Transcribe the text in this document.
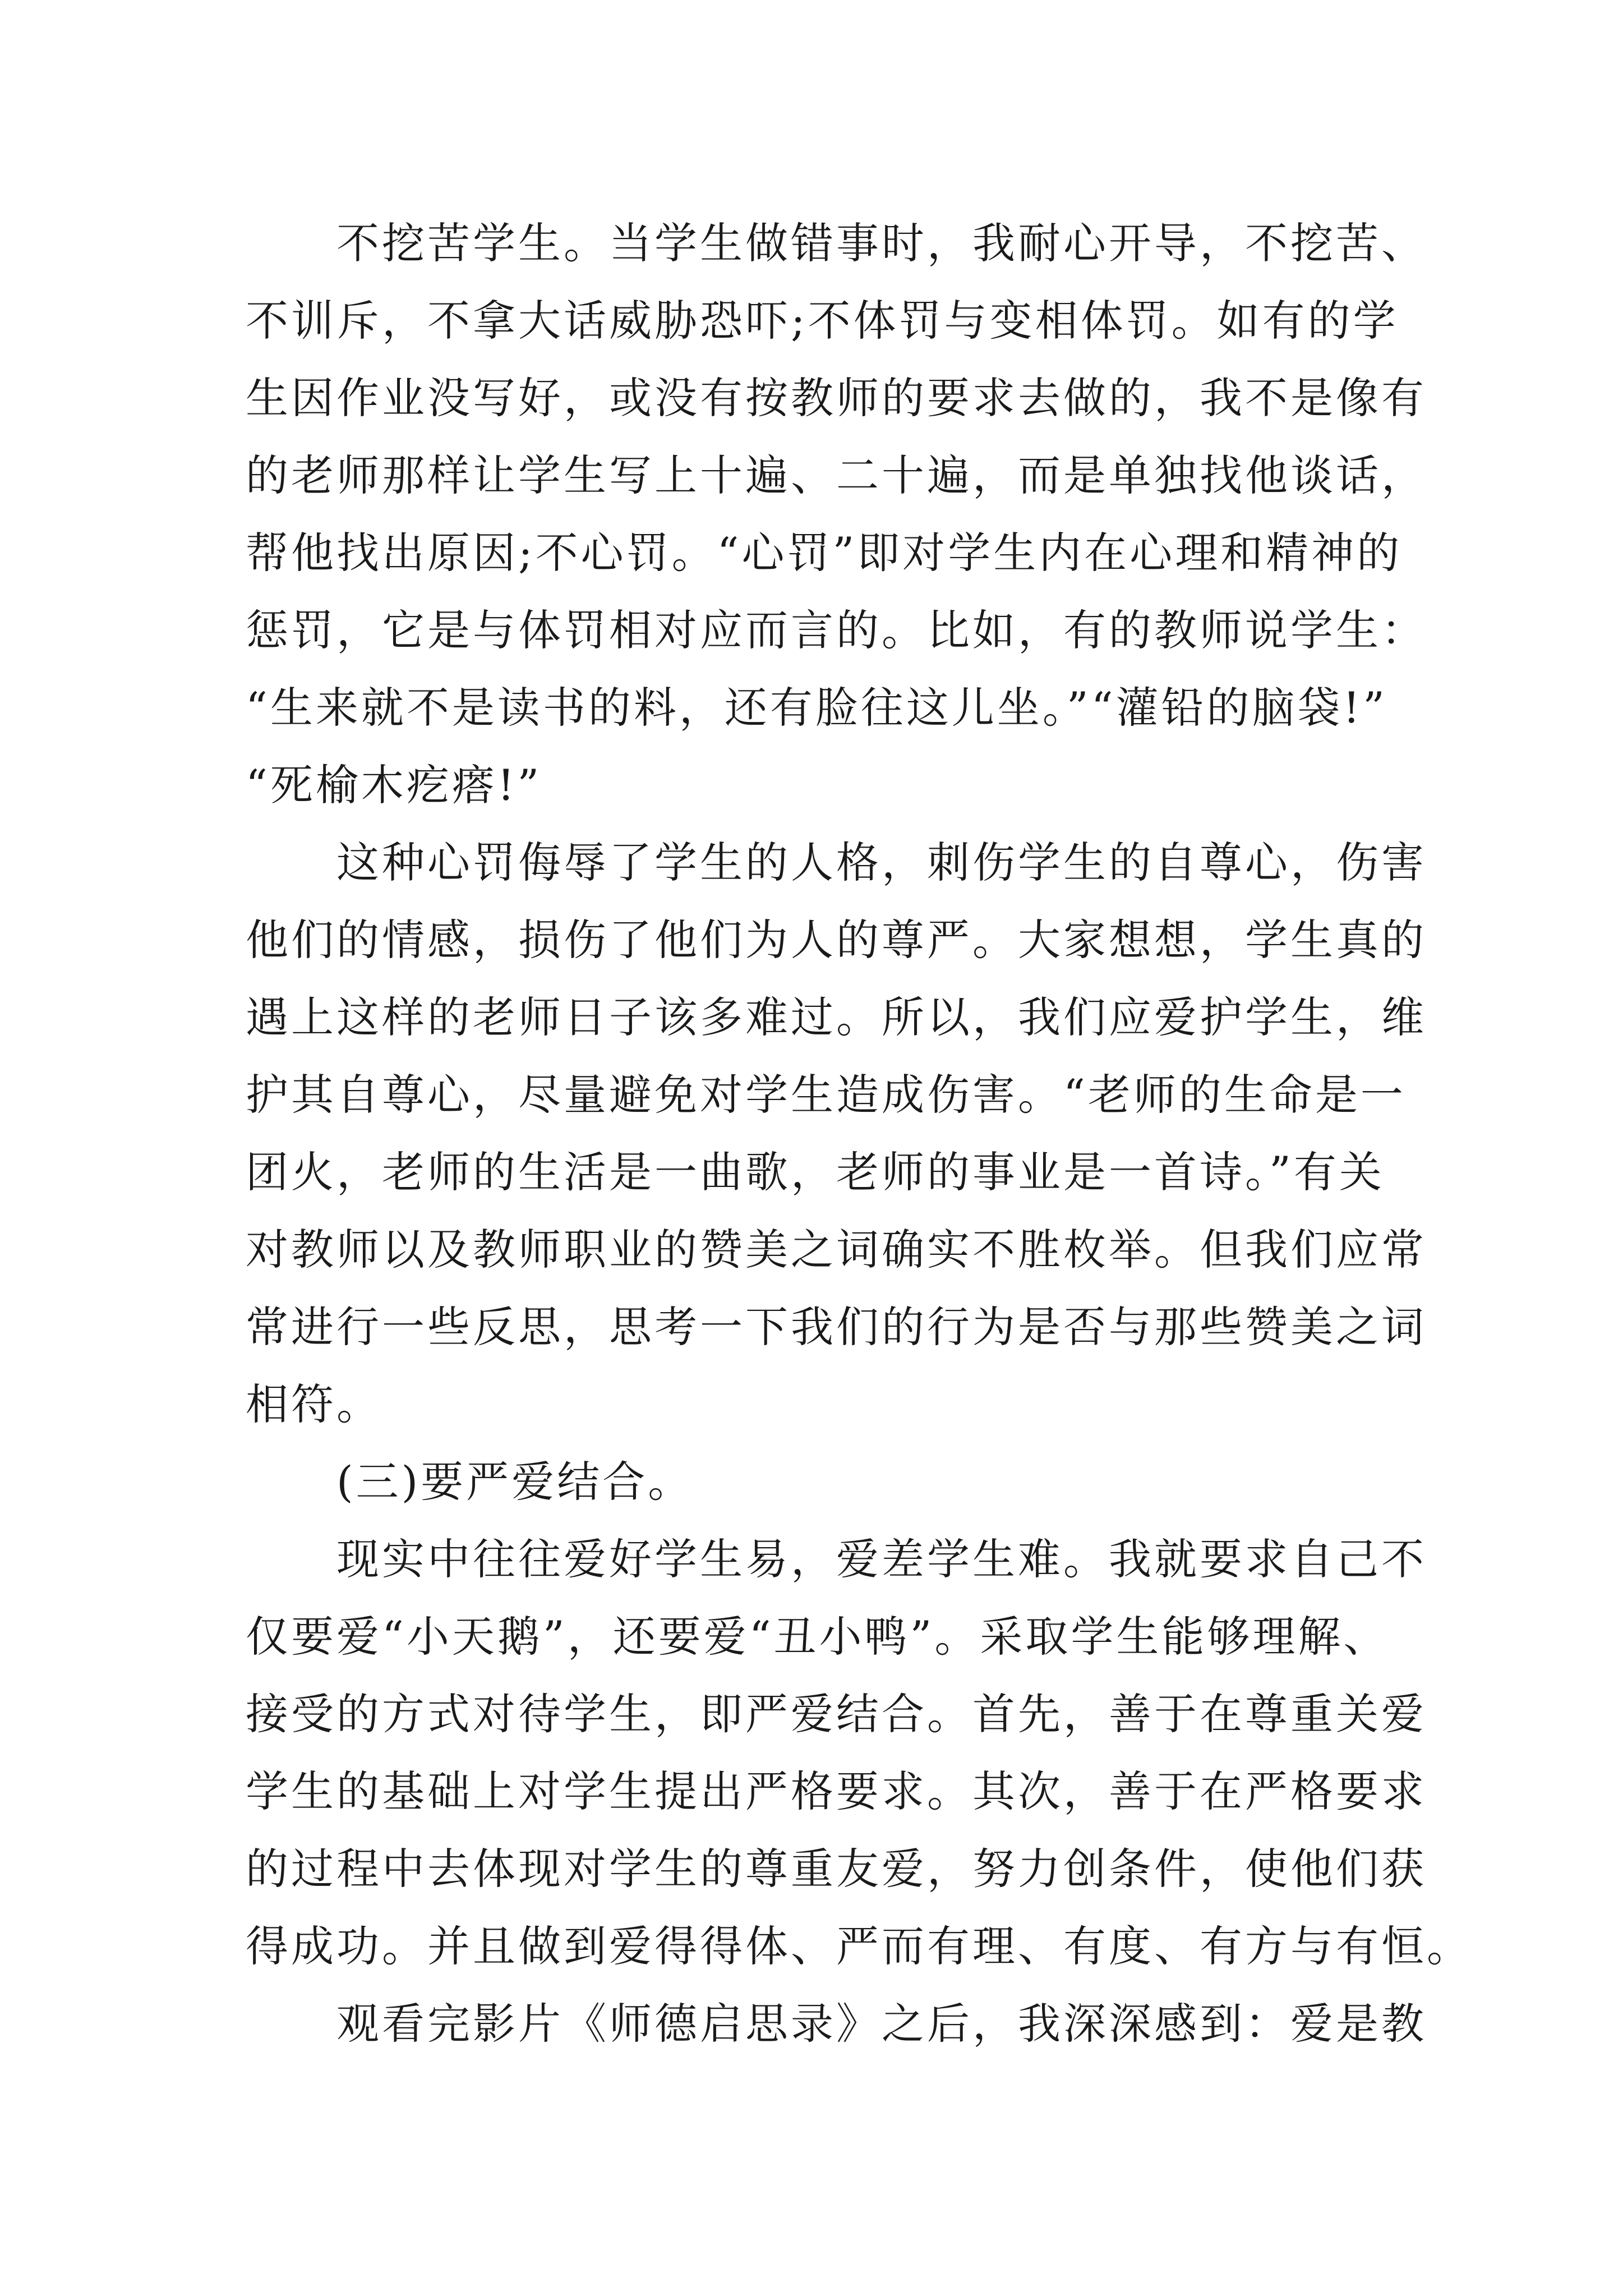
　　不挖苦学生。当学生做错事时，我耐心开导，不挖苦、
不训斥，不拿大话威胁恐吓;不体罚与变相体罚。如有的学
生因作业没写好，或没有按教师的要求去做的，我不是像有
的老师那样让学生写上十遍、二十遍，而是单独找他谈话，
帮他找出原因;不心罚。“心罚”即对学生内在心理和精神的
惩罚，它是与体罚相对应而言的。比如，有的教师说学生：
“生来就不是读书的料，还有脸往这儿坐。”“灌铅的脑袋!”
“死榆木疙瘩!”
　　这种心罚侮辱了学生的人格，刺伤学生的自尊心，伤害
他们的情感，损伤了他们为人的尊严。大家想想，学生真的
遇上这样的老师日子该多难过。所以，我们应爱护学生，维
护其自尊心，尽量避免对学生造成伤害。“老师的生命是一
团火，老师的生活是一曲歌，老师的事业是一首诗。”有关
对教师以及教师职业的赞美之词确实不胜枚举。但我们应常
常进行一些反思，思考一下我们的行为是否与那些赞美之词
相符。
　　(三)要严爱结合。
　　现实中往往爱好学生易，爱差学生难。我就要求自己不
仅要爱“小天鹅”，还要爱“丑小鸭”。采取学生能够理解、
接受的方式对待学生，即严爱结合。首先，善于在尊重关爱
学生的基础上对学生提出严格要求。其次，善于在严格要求
的过程中去体现对学生的尊重友爱，努力创条件，使他们获
得成功。并且做到爱得得体、严而有理、有度、有方与有恒。
　　观看完影片《师德启思录》之后，我深深感到：爱是教
